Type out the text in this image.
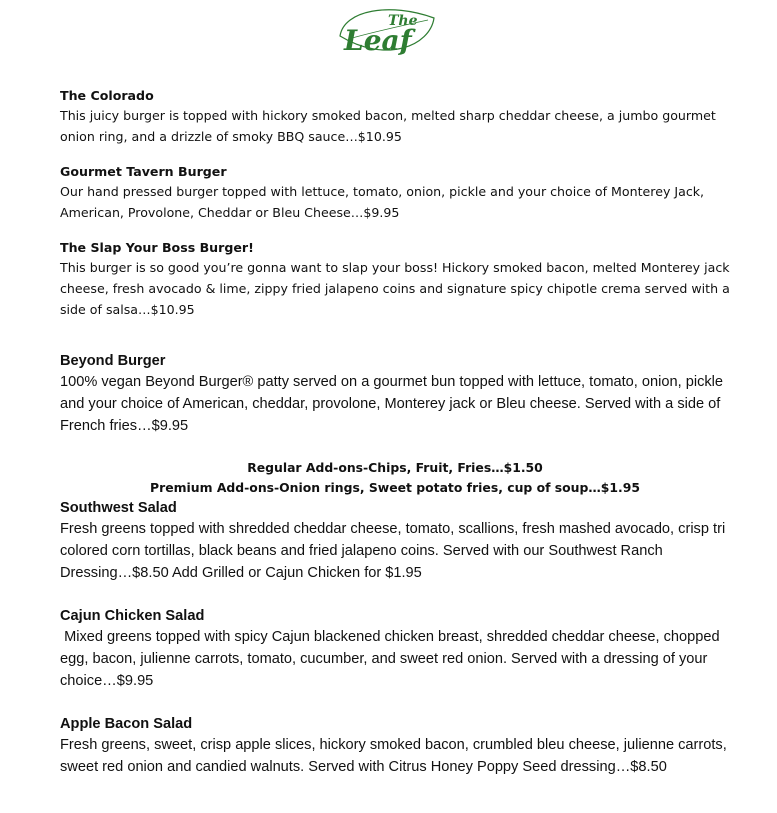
The
Leaf

The Colorado

This juicy burger is topped with hickory smoked bacon, melted sharp cheddar cheese, a jumbo gourmet onion ring, and a drizzle of smoky BBQ sauce…$10.95

Gourmet Tavern Burger

Our hand pressed burger topped with lettuce, tomato, onion, pickle and your choice of Monterey Jack, American, Provolone, Cheddar or Bleu Cheese…$9.95

The Slap Your Boss Burger!

This burger is so good you’re gonna want to slap your boss! Hickory smoked bacon, melted Monterey jack cheese, fresh avocado & lime, zippy fried jalapeno coins and signature spicy chipotle crema served with a side of salsa…$10.95

Beyond Burger

100% vegan Beyond Burger® patty served on a gourmet bun topped with lettuce, tomato, onion, pickle and your choice of American, cheddar, provolone, Monterey jack or Bleu cheese. Served with a side of French fries…$9.95

Regular Add-ons-Chips, Fruit, Fries…$1.50

Premium Add-ons-Onion rings, Sweet potato fries, cup of soup…$1.95

Southwest Salad

Fresh greens topped with shredded cheddar cheese, tomato, scallions, fresh mashed avocado, crisp tri colored corn tortillas, black beans and fried jalapeno coins. Served with our Southwest Ranch Dressing…$8.50 Add Grilled or Cajun Chicken for $1.95

Cajun Chicken Salad

Mixed greens topped with spicy Cajun blackened chicken breast, shredded cheddar cheese, chopped egg, bacon, julienne carrots, tomato, cucumber, and sweet red onion. Served with a dressing of your choice…$9.95

Apple Bacon Salad

Fresh greens, sweet, crisp apple slices, hickory smoked bacon, crumbled bleu cheese, julienne carrots, sweet red onion and candied walnuts. Served with Citrus Honey Poppy Seed dressing…$8.50
